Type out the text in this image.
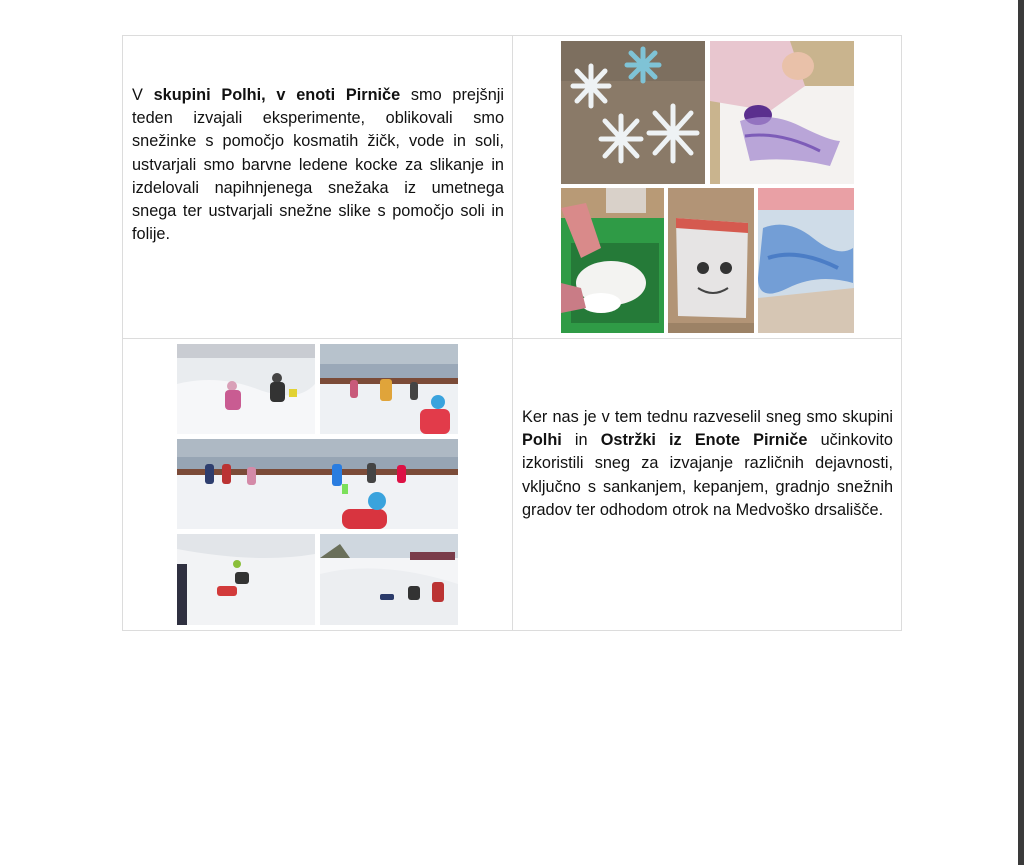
V skupini Polhi, v enoti Pirniče smo prejšnji teden izvajali eksperimente, oblikovali smo snežinke s pomočjo kosmatih žičk, vode in soli, ustvarjali smo barvne ledene kocke za slikanje in izdelovali napihnjenega snežaka iz umetnega snega ter ustvarjali snežne slike s pomočjo soli in folije.

Ker nas je v tem tednu razveselil sneg smo skupini Polhi in Ostržki iz Enote Pirniče učinkovito izkoristili sneg za izvajanje različnih dejavnosti, vključno s sankanjem, kepanjem, gradnjo snežnih gradov ter odhodom otrok na Medvoško drsališče.
